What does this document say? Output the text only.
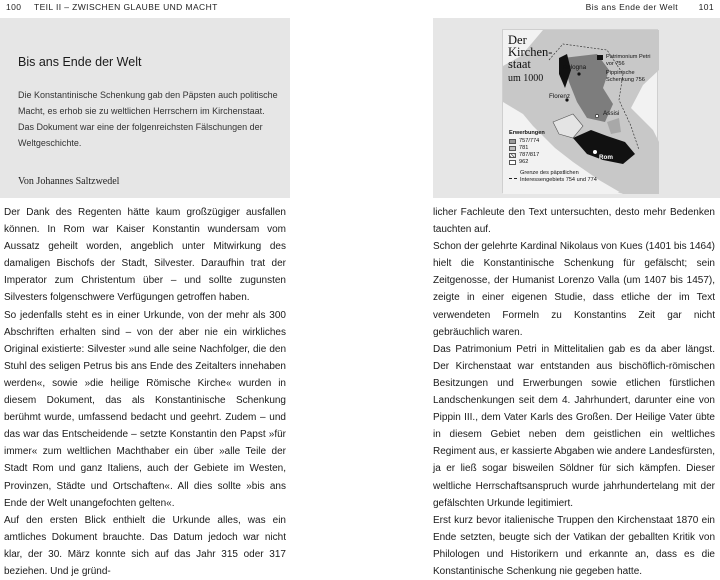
100 TEIL II – ZWISCHEN GLAUBE UND MACHT	Bis ans Ende der Welt 101
Bis ans Ende der Welt
Die Konstantinische Schenkung gab den Päpsten auch politische Macht, es erhob sie zu weltlichen Herrschern im Kirchenstaat. Das Dokument war eine der folgenreichsten Fälschungen der Weltgeschichte.
Von Johannes Saltzwedel
Der
Kirchen-
staat
um 1000
Patrimonium Petri vor 756
Pippinische Schenkung 756
Bologna
Florenz
Assisi
Rom
Erwerbungen
757/774
781
787/817
962
Grenze des päpstlichen Interessengebiets 754 und 774

Der Dank des Regenten hätte kaum großzügiger ausfallen können. In Rom war Kaiser Konstantin wundersam vom Aussatz geheilt worden, angeblich unter Mitwirkung des damaligen Bischofs der Stadt, Silvester. Daraufhin trat der Imperator zum Christentum über – und sollte zugunsten Silvesters folgenschwere Verfügungen getroffen haben.

So jedenfalls steht es in einer Urkunde, von der mehr als 300 Abschriften erhalten sind – von der aber nie ein wirkliches Original existierte: Silvester »und alle seine Nachfolger, die den Stuhl des seligen Petrus bis ans Ende des Zeitalters innehaben werden«, sowie »die heilige Römische Kirche« wurden in diesem Dokument, das als Konstantinische Schenkung berühmt wurde, umfassend bedacht und geehrt. Zudem – und das war das Entscheidende – setzte Konstantin den Papst »für immer« zum weltlichen Machthaber ein über »alle Teile der Stadt Rom und ganz Italiens, auch der Gebiete im Westen, Provinzen, Städte und Ortschaften«. All dies sollte »bis ans Ende der Welt unangefochten gelten«.

Auf den ersten Blick enthielt die Urkunde alles, was ein amtliches Dokument brauchte. Das Datum jedoch war nicht klar, der 30. März konnte sich auf das Jahr 315 oder 317 beziehen. Und je gründ-

licher Fachleute den Text untersuchten, desto mehr Bedenken tauchten auf.

Schon der gelehrte Kardinal Nikolaus von Kues (1401 bis 1464) hielt die Konstantinische Schenkung für gefälscht; sein Zeitgenosse, der Humanist Lorenzo Valla (um 1407 bis 1457), zeigte in einer eigenen Studie, dass etliche der im Text verwendeten Formeln zu Konstantins Zeit gar nicht gebräuchlich waren.

Das Patrimonium Petri in Mittelitalien gab es da aber längst. Der Kirchenstaat war entstanden aus bischöflich-römischen Besitzungen und Erwerbungen sowie etlichen fürstlichen Landschenkungen seit dem 4. Jahrhundert, darunter eine von Pippin III., dem Vater Karls des Großen. Der Heilige Vater übte in diesem Gebiet neben dem geistlichen ein weltliches Regiment aus, er kassierte Abgaben wie andere Landesfürsten, ja er ließ sogar bisweilen Söldner für sich kämpfen. Dieser weltliche Herrschaftsanspruch wurde jahrhundertelang mit der gefälschten Urkunde legitimiert.

Erst kurz bevor italienische Truppen den Kirchenstaat 1870 ein Ende setzten, beugte sich der Vatikan der geballten Kritik von Philologen und Historikern und erkannte an, dass es die Konstantinische Schenkung nie gegeben hatte.
